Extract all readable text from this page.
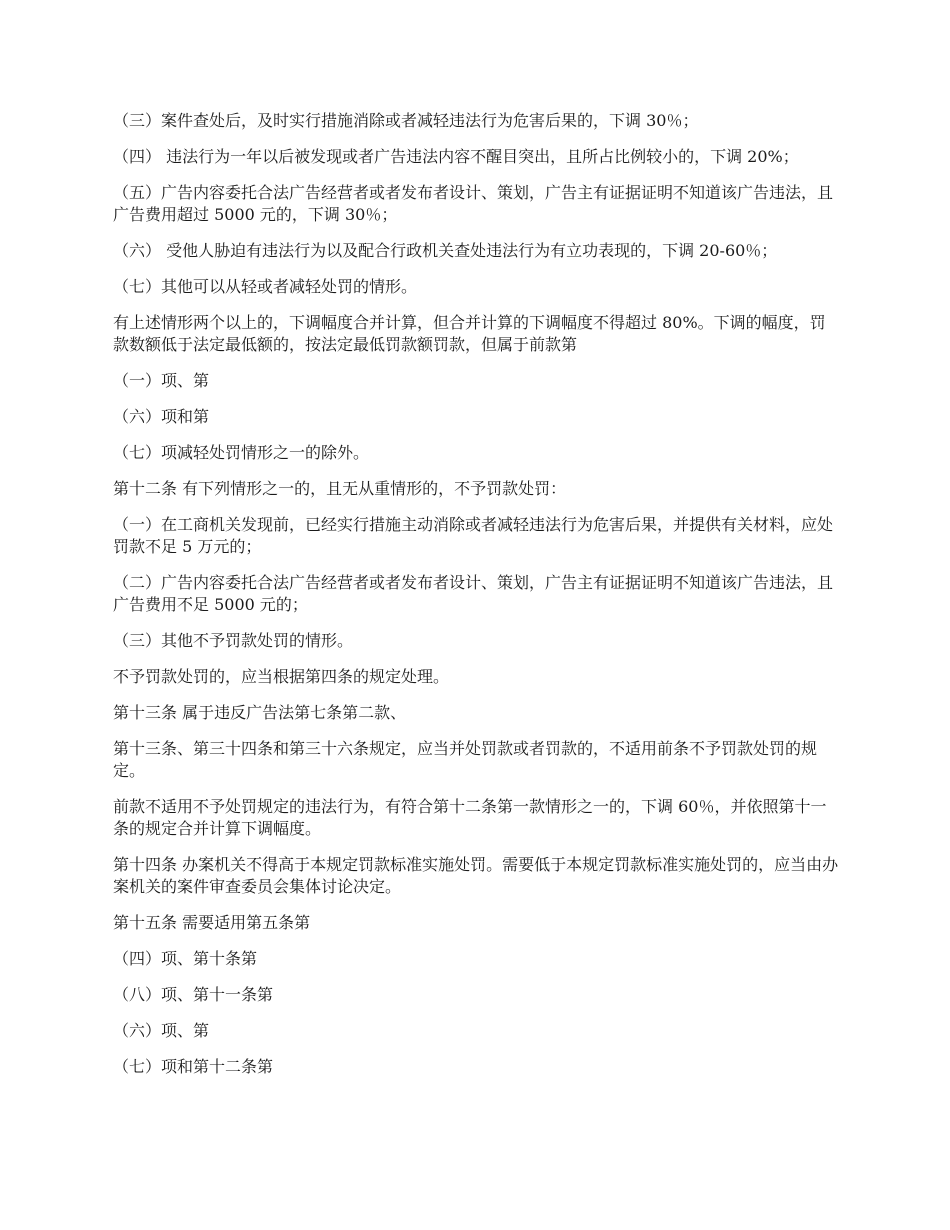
（三）案件查处后，及时实行措施消除或者减轻违法行为危害后果的，下调 30％；

（四） 违法行为一年以后被发现或者广告违法内容不醒目突出，且所占比例较小的，下调 20%；

（五）广告内容委托合法广告经营者或者发布者设计、策划，广告主有证据证明不知道该广告违法，且广告费用超过 5000 元的，下调 30％；

（六） 受他人胁迫有违法行为以及配合行政机关查处违法行为有立功表现的，下调 20-60％；

（七）其他可以从轻或者减轻处罚的情形。

有上述情形两个以上的，下调幅度合并计算，但合并计算的下调幅度不得超过 80%。下调的幅度，罚款数额低于法定最低额的，按法定最低罚款额罚款，但属于前款第

（一）项、第

（六）项和第

（七）项减轻处罚情形之一的除外。

第十二条 有下列情形之一的，且无从重情形的，不予罚款处罚：

（一）在工商机关发现前，已经实行措施主动消除或者减轻违法行为危害后果，并提供有关材料，应处罚款不足 5 万元的；

（二）广告内容委托合法广告经营者或者发布者设计、策划，广告主有证据证明不知道该广告违法，且广告费用不足 5000 元的；

（三）其他不予罚款处罚的情形。

不予罚款处罚的，应当根据第四条的规定处理。

第十三条 属于违反广告法第七条第二款、

第十三条、第三十四条和第三十六条规定，应当并处罚款或者罚款的，不适用前条不予罚款处罚的规定。

前款不适用不予处罚规定的违法行为，有符合第十二条第一款情形之一的，下调 60％，并依照第十一条的规定合并计算下调幅度。

第十四条 办案机关不得高于本规定罚款标准实施处罚。需要低于本规定罚款标准实施处罚的，应当由办案机关的案件审查委员会集体讨论决定。

第十五条 需要适用第五条第

（四）项、第十条第

（八）项、第十一条第

（六）项、第

（七）项和第十二条第
